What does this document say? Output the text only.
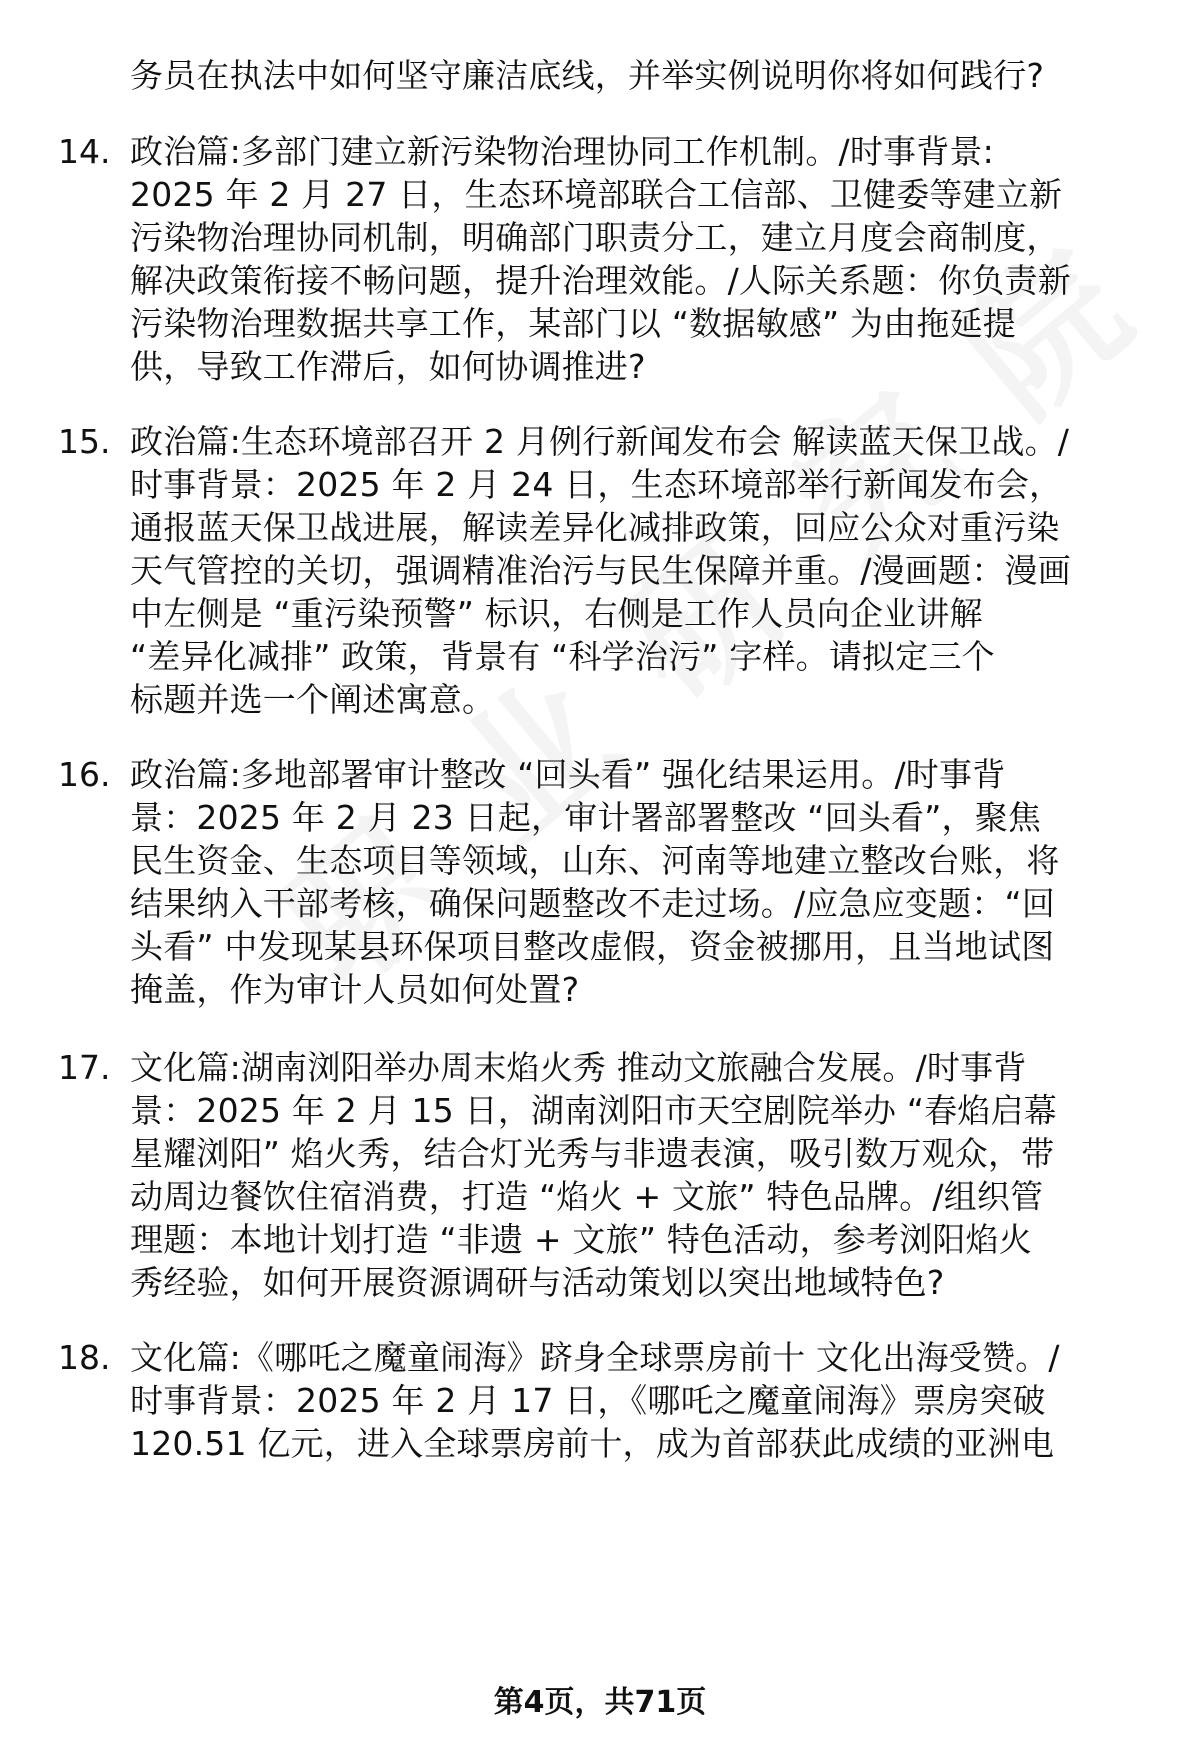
务员在执法中如何坚守廉洁底线，并举实例说明你将如何践行?
14. 政治篇:多部门建立新污染物治理协同工作机制。/时事背景:
2025 年 2 月 27 日，生态环境部联合工信部、卫健委等建立新
污染物治理协同机制，明确部门职责分工，建立月度会商制度，
解决政策衔接不畅问题，提升治理效能。/人际关系题：你负责新
污染物治理数据共享工作，某部门以 “数据敏感” 为由拖延提
供，导致工作滞后，如何协调推进?
15. 政治篇:生态环境部召开 2 月例行新闻发布会 解读蓝天保卫战。/
时事背景：2025 年 2 月 24 日，生态环境部举行新闻发布会，
通报蓝天保卫战进展，解读差异化减排政策，回应公众对重污染
天气管控的关切，强调精准治污与民生保障并重。/漫画题：漫画
中左侧是 “重污染预警” 标识，右侧是工作人员向企业讲解
“差异化减排” 政策，背景有 “科学治污” 字样。请拟定三个
标题并选一个阐述寓意。
16. 政治篇:多地部署审计整改 “回头看” 强化结果运用。/时事背
景：2025 年 2 月 23 日起，审计署部署整改 “回头看”，聚焦
民生资金、生态项目等领域，山东、河南等地建立整改台账，将
结果纳入干部考核，确保问题整改不走过场。/应急应变题：“回
头看” 中发现某县环保项目整改虚假，资金被挪用，且当地试图
掩盖，作为审计人员如何处置?
17. 文化篇:湖南浏阳举办周末焰火秀 推动文旅融合发展。/时事背
景：2025 年 2 月 15 日，湖南浏阳市天空剧院举办 “春焰启幕
星耀浏阳” 焰火秀，结合灯光秀与非遗表演，吸引数万观众，带
动周边餐饮住宿消费，打造 “焰火 + 文旅” 特色品牌。/组织管
理题：本地计划打造 “非遗 + 文旅” 特色活动，参考浏阳焰火
秀经验，如何开展资源调研与活动策划以突出地域特色?
18. 文化篇:《哪吒之魔童闹海》跻身全球票房前十 文化出海受赞。/
时事背景：2025 年 2 月 17 日，《哪吒之魔童闹海》票房突破
120.51 亿元，进入全球票房前十，成为首部获此成绩的亚洲电
第4页，共71页
